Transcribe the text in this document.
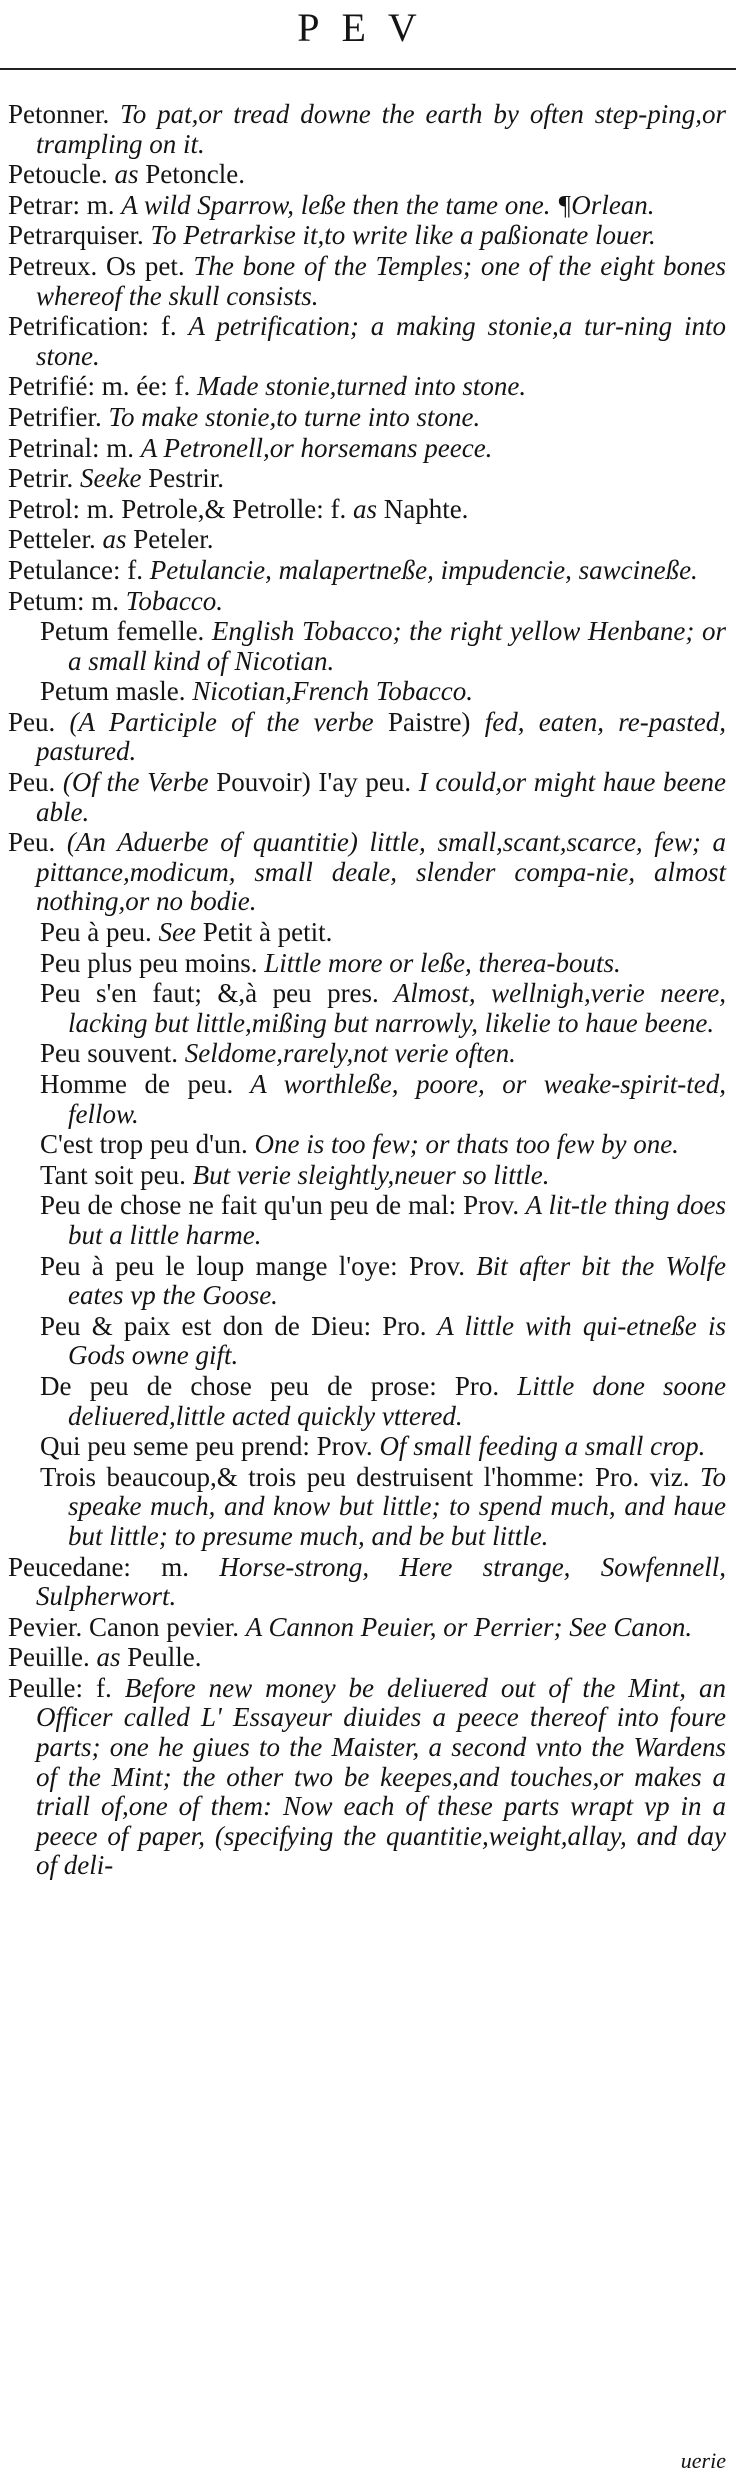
PEV
Petonner. To pat,or tread downe the earth by often step-ping,or trampling on it.
Petoucle. as Petoncle.
Petrar: m. A wild Sparrow, leße then the tame one. ¶Orlean.
Petrarquiser. To Petrarkise it,to write like a paßionate louer.
Petreux. Os pet. The bone of the Temples; one of the eight bones whereof the skull consists.
Petrification: f. A petrification; a making stonie,a tur-ning into stone.
Petrifié: m. ée: f. Made stonie,turned into stone.
Petrifier. To make stonie,to turne into stone.
Petrinal: m. A Petronell,or horsemans peece.
Petrir. Seeke Pestrir.
Petrol: m. Petrole,& Petrolle: f. as Naphte.
Petteler. as Peteler.
Petulance: f. Petulancie, malapertneße, impudencie, sawcineße.
Petum: m. Tobacco.
Petum femelle. English Tobacco; the right yellow Henbane; or a small kind of Nicotian.
Petum masle. Nicotian,French Tobacco.
Peu. (A Participle of the verbe Paistre) fed, eaten, re-pasted, pastured.
Peu. (Of the Verbe Pouvoir) I'ay peu. I could,or might haue beene able.
Peu. (An Aduerbe of quantitie) little, small,scant,scarce, few; a pittance,modicum, small deale, slender compa-nie, almost nothing,or no bodie.
Peu à peu. See Petit à petit.
Peu plus peu moins. Little more or leße, therea-bouts.
Peu s'en faut; &,à peu pres. Almost, wellnigh,verie neere, lacking but little,mißing but narrowly, likelie to haue beene.
Peu souvent. Seldome,rarely,not verie often.
Homme de peu. A worthleße, poore, or weake-spirit-ted, fellow.
C'est trop peu d'un. One is too few; or thats too few by one.
Tant soit peu. But verie sleightly,neuer so little.
Peu de chose ne fait qu'un peu de mal: Prov. A lit-tle thing does but a little harme.
Peu à peu le loup mange l'oye: Prov. Bit after bit the Wolfe eates vp the Goose.
Peu & paix est don de Dieu: Pro. A little with qui-etneße is Gods owne gift.
De peu de chose peu de prose: Pro. Little done soone deliuered,little acted quickly vttered.
Qui peu seme peu prend: Prov. Of small feeding a small crop.
Trois beaucoup,& trois peu destruisent l'homme: Pro. viz. To speake much, and know but little; to spend much, and haue but little; to presume much, and be but little.
Peucedane: m. Horse-strong, Here strange, Sowfennell, Sulpherwort.
Pevier. Canon pevier. A Cannon Peuier, or Perrier; See Canon.
Peuille. as Peulle.
Peulle: f. Before new money be deliuered out of the Mint, an Officer called L' Essayeur diuides a peece thereof into foure parts; one he giues to the Maister, a second vnto the Wardens of the Mint; the other two be keepes,and touches,or makes a triall of,one of them: Now each of these parts wrapt vp in a peece of paper, (specifying the quantitie,weight,allay, and day of deli-
uerie
